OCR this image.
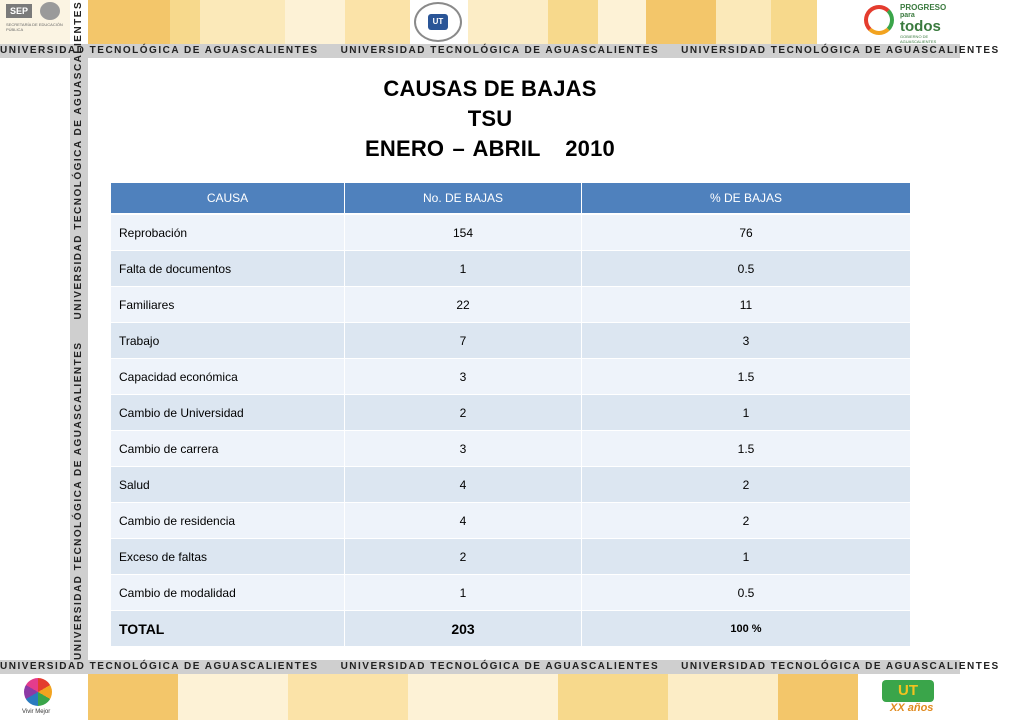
SEP
SECRETARÍA DE EDUCACIÓN PÚBLICA
UT
PROGRESO
para
todos
GOBIERNO DE AGUASCALIENTES
UNIVERSIDAD TECNOLÓGICA DE AGUASCALIENTES UNIVERSIDAD TECNOLÓGICA DE AGUASCALIENTES UNIVERSIDAD TECNOLÓGICA DE AGUASCALIENTES
UNIVERSIDAD TECNOLÓGICA DE AGUASCALIENTESUNIVERSIDAD TECNOLÓGICA DE AGUASCALIENTES	CAUSAS DE BAJAS
TSU
ENERO – ABRIL   2010
CAUSA	No. DE BAJAS	% DE BAJAS
Reprobación	154	76
Falta de documentos	1	0.5
Familiares	22	11
Trabajo	7	3
Capacidad económica	3	1.5
Cambio de Universidad	2	1
Cambio de carrera	3	1.5
Salud	4	2
Cambio de residencia	4	2
Exceso de faltas	2	1
Cambio de modalidad	1	0.5
TOTAL	203	100 %
UNIVERSIDAD TECNOLÓGICA DE AGUASCALIENTES UNIVERSIDAD TECNOLÓGICA DE AGUASCALIENTES UNIVERSIDAD TECNOLÓGICA DE AGUASCALIENTES
Vivir Mejor
UT
XX años
